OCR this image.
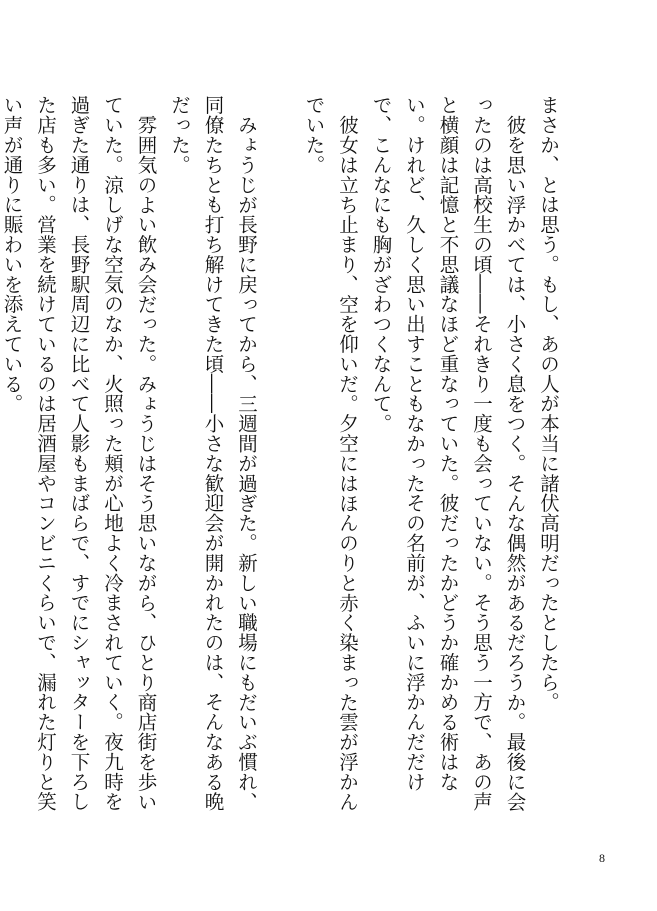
まさか、とは思う。もし、あの人が本当に諸伏高明だったとしたら。

彼を思い浮かべては、小さく息をつく。そんな偶然があるだろうか。最後に会ったのは高校生の頃――それきり一度も会っていない。そう思う一方で、あの声と横顔は記憶と不思議なほど重なっていた。彼だったかどうか確かめる術はない。けれど、久しく思い出すこともなかったその名前が、ふいに浮かんだだけで、こんなにも胸がざわつくなんて。

彼女は立ち止まり、空を仰いだ。夕空にはほんのりと赤く染まった雲が浮かんでいた。

みょうじが長野に戻ってから、三週間が過ぎた。新しい職場にもだいぶ慣れ、同僚たちとも打ち解けてきた頃――小さな歓迎会が開かれたのは、そんなある晩だった。

雰囲気のよい飲み会だった。みょうじはそう思いながら、ひとり商店街を歩いていた。涼しげな空気のなか、火照った頬が心地よく冷まされていく。夜九時を過ぎた通りは、長野駅周辺に比べて人影もまばらで、すでにシャッターを下ろした店も多い。営業を続けているのは居酒屋やコンビニくらいで、漏れた灯りと笑い声が通りに賑わいを添えている。

8
